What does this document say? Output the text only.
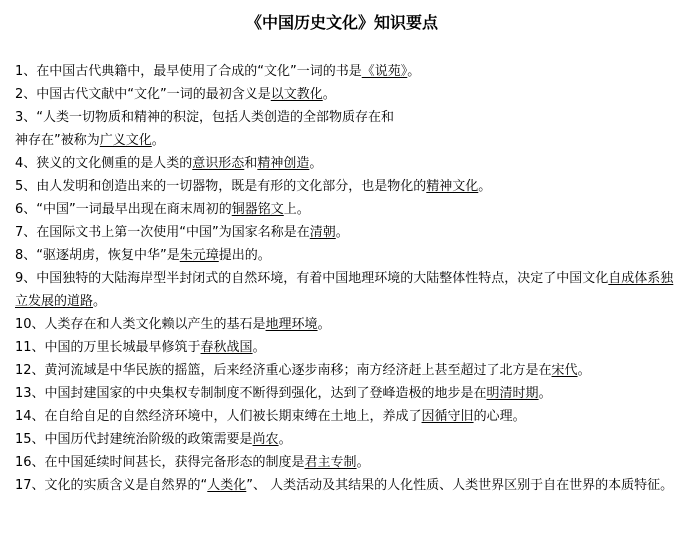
《中国历史文化》知识要点
1、在中国古代典籍中，最早使用了合成的“文化”一词的书是《说苑》。
2、中国古代文献中“文化”一词的最初含义是以文教化。
3、“人类一切物质和精神的积淀，包括人类创造的全部物质存在和
神存在”被称为广义文化。
4、狭义的文化侧重的是人类的意识形态和精神创造。
5、由人发明和创造出来的一切器物，既是有形的文化部分，也是物化的精神文化。
6、“中国”一词最早出现在商末周初的铜器铭文上。
7、在国际文书上第一次使用“中国”为国家名称是在清朝。
8、“驱逐胡虏，恢复中华”是朱元璋提出的。
9、中国独特的大陆海岸型半封闭式的自然环境，有着中国地理环境的大陆整体性特点，决定了中国文化自成体系独立发展的道路。
10、人类存在和人类文化赖以产生的基石是地理环境。
11、中国的万里长城最早修筑于春秋战国。
12、黄河流域是中华民族的摇篮，后来经济重心逐步南移；南方经济赶上甚至超过了北方是在宋代。
13、中国封建国家的中央集权专制制度不断得到强化，达到了登峰造极的地步是在明清时期。
14、在自给自足的自然经济环境中，人们被长期束缚在土地上，养成了因循守旧的心理。
15、中国历代封建统治阶级的政策需要是尚农。
16、在中国延续时间甚长，获得完备形态的制度是君主专制。
17、文化的实质含义是自然界的“人类化”、 人类活动及其结果的人化性质、人类世界区别于自在世界的本质特征。
